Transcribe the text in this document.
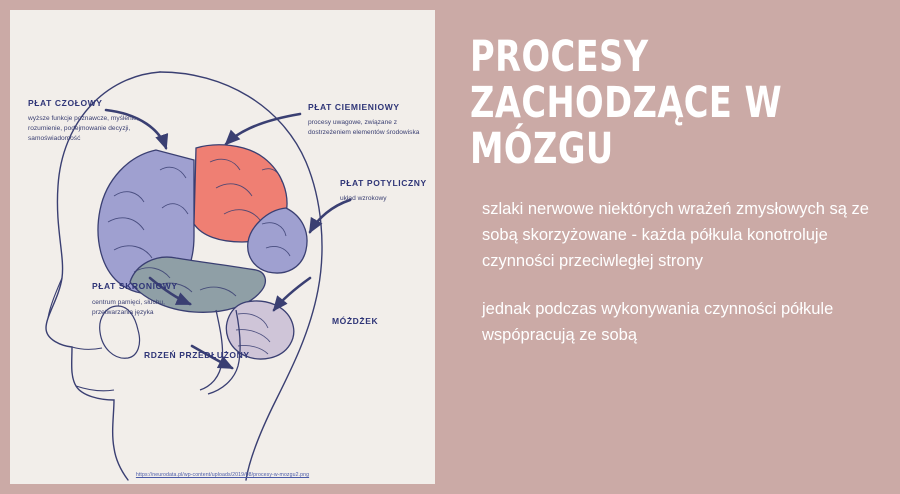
PŁAT CZOŁOWY
wyższe funkcje poznawcze, myślenie, rozumienie, podejmowanie decyzji, samoświadomość
PŁAT CIEMIENIOWY
procesy uwagowe, związane z dostrzeżeniem elementów środowiska
PŁAT POTYLICZNY
układ wzrokowy
PŁAT SKRONIOWY
centrum pamięci, słuchu, przetwarzania języka
MÓŻDŻEK
RDZEŃ PRZEDŁUŻONY
https://neurodata.pl/wp-content/uploads/2019/08/procesy-w-mozgu2.png
PROCESY ZACHODZĄCE W MÓZGU

szlaki nerwowe niektórych wrażeń zmysłowych są ze sobą skorzyżowane - każda półkula konotroluje czynności przeciwległej strony

jednak podczas wykonywania czynności półkule wspópracują ze sobą
